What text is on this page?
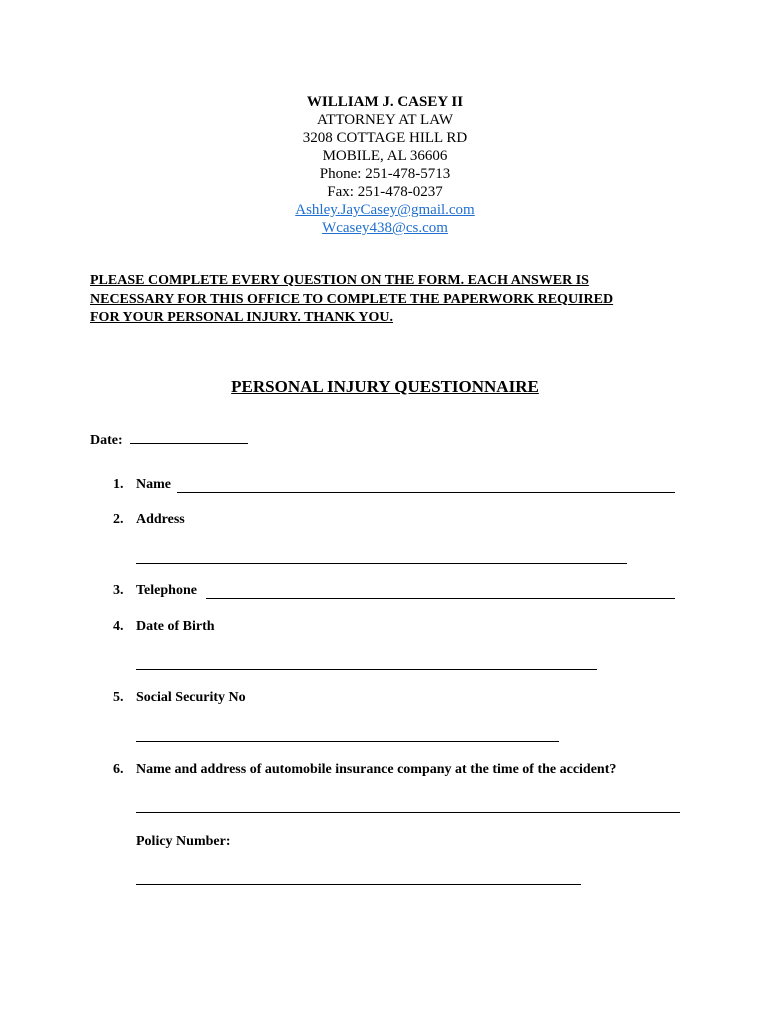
WILLIAM J. CASEY II
ATTORNEY AT LAW
3208 COTTAGE HILL RD
MOBILE, AL 36606
Phone: 251-478-5713
Fax: 251-478-0237
Ashley.JayCasey@gmail.com
Wcasey438@cs.com
PLEASE COMPLETE EVERY QUESTION ON THE FORM. EACH ANSWER IS
NECESSARY FOR THIS OFFICE TO COMPLETE THE PAPERWORK REQUIRED
FOR YOUR PERSONAL INJURY. THANK YOU.
PERSONAL INJURY QUESTIONNAIRE
Date:
1. Name
2. Address
3. Telephone
4. Date of Birth
5. Social Security No
6. Name and address of automobile insurance company at the time of the accident?
Policy Number:
